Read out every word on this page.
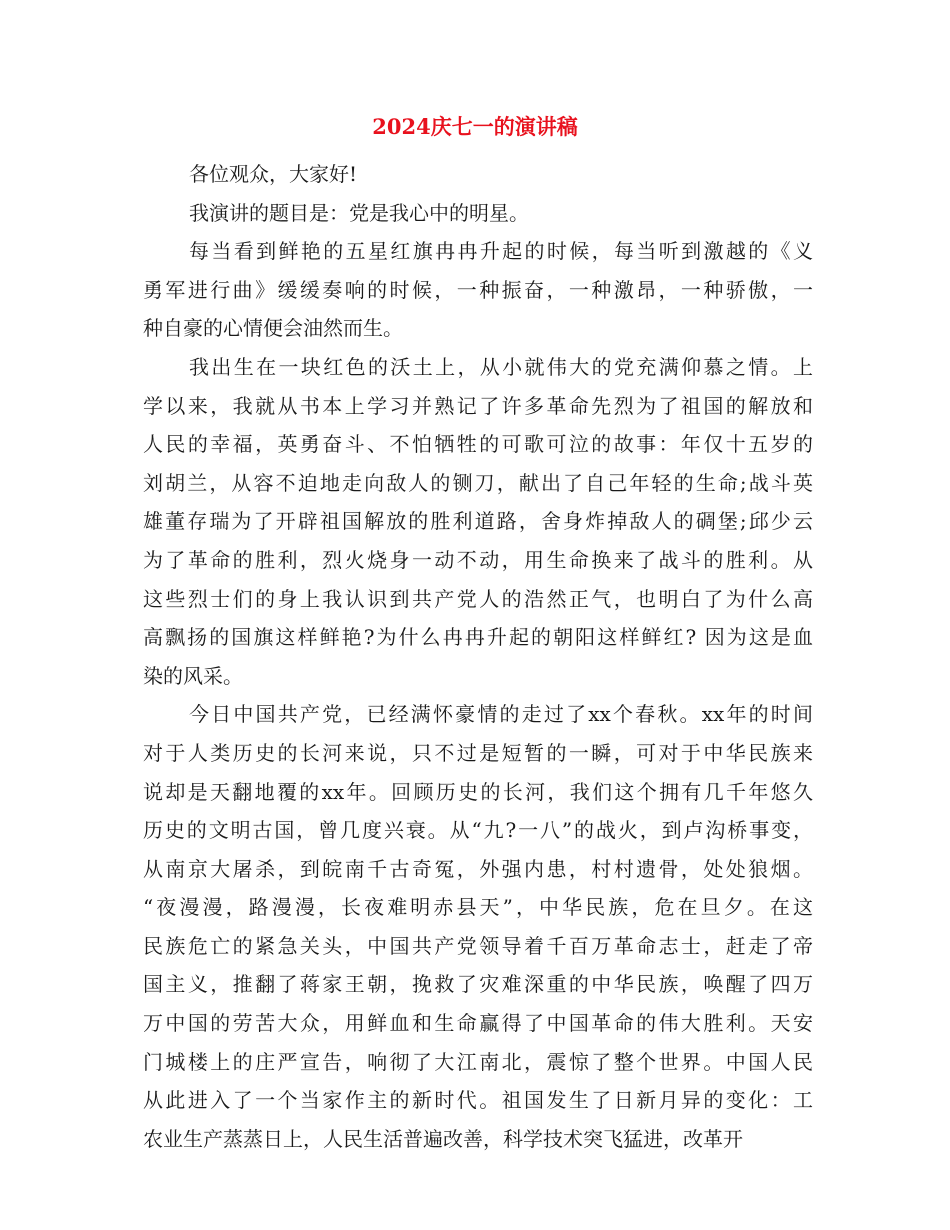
2024庆七一的演讲稿
各位观众，大家好!
我演讲的题目是：党是我心中的明星。
每当看到鲜艳的五星红旗冉冉升起的时候，每当听到激越的《义
勇军进行曲》缓缓奏响的时候，一种振奋，一种激昂，一种骄傲，一
种自豪的心情便会油然而生。
我出生在一块红色的沃土上，从小就伟大的党充满仰慕之情。上
学以来，我就从书本上学习并熟记了许多革命先烈为了祖国的解放和
人民的幸福，英勇奋斗、不怕牺牲的可歌可泣的故事：年仅十五岁的
刘胡兰，从容不迫地走向敌人的铡刀，献出了自己年轻的生命;战斗英
雄董存瑞为了开辟祖国解放的胜利道路，舍身炸掉敌人的碉堡;邱少云
为了革命的胜利，烈火烧身一动不动，用生命换来了战斗的胜利。从
这些烈士们的身上我认识到共产党人的浩然正气，也明白了为什么高
高飘扬的国旗这样鲜艳?为什么冉冉升起的朝阳这样鲜红? 因为这是血
染的风采。
今日中国共产党，已经满怀豪情的走过了xx个春秋。xx年的时间
对于人类历史的长河来说，只不过是短暂的一瞬，可对于中华民族来
说却是天翻地覆的xx年。回顾历史的长河，我们这个拥有几千年悠久
历史的文明古国，曾几度兴衰。从“九?一八”的战火，到卢沟桥事变，
从南京大屠杀，到皖南千古奇冤，外强内患，村村遗骨，处处狼烟。
“夜漫漫，路漫漫，长夜难明赤县天”，中华民族，危在旦夕。在这
民族危亡的紧急关头，中国共产党领导着千百万革命志士，赶走了帝
国主义，推翻了蒋家王朝，挽救了灾难深重的中华民族，唤醒了四万
万中国的劳苦大众，用鲜血和生命赢得了中国革命的伟大胜利。天安
门城楼上的庄严宣告，响彻了大江南北，震惊了整个世界。中国人民
从此进入了一个当家作主的新时代。祖国发生了日新月异的变化：工
农业生产蒸蒸日上，人民生活普遍改善，科学技术突飞猛进，改革开
